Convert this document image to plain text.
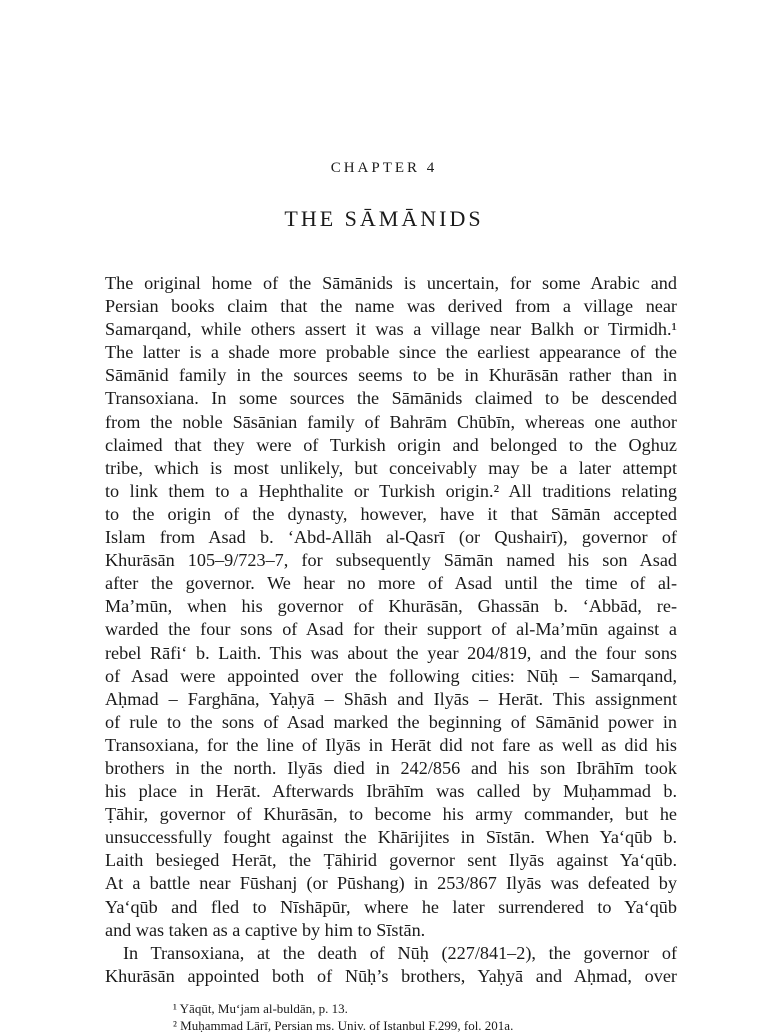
CHAPTER 4
THE SĀMĀNIDS
The original home of the Sāmānids is uncertain, for some Arabic and
Persian books claim that the name was derived from a village near
Samarqand, while others assert it was a village near Balkh or Tirmidh.¹
The latter is a shade more probable since the earliest appearance of the
Sāmānid family in the sources seems to be in Khurāsān rather than in
Transoxiana. In some sources the Sāmānids claimed to be descended
from the noble Sāsānian family of Bahrām Chūbīn, whereas one author
claimed that they were of Turkish origin and belonged to the Oghuz
tribe, which is most unlikely, but conceivably may be a later attempt
to link them to a Hephthalite or Turkish origin.² All traditions relating
to the origin of the dynasty, however, have it that Sāmān accepted
Islam from Asad b. ‘Abd-Allāh al-Qasrī (or Qushairī), governor of
Khurāsān 105–9/723–7, for subsequently Sāmān named his son Asad
after the governor. We hear no more of Asad until the time of al-
Ma’mūn, when his governor of Khurāsān, Ghassān b. ‘Abbād, re-
warded the four sons of Asad for their support of al-Ma’mūn against a
rebel Rāfi‘ b. Laith. This was about the year 204/819, and the four sons
of Asad were appointed over the following cities: Nūḥ – Samarqand,
Aḥmad – Farghāna, Yaḥyā – Shāsh and Ilyās – Herāt. This assignment
of rule to the sons of Asad marked the beginning of Sāmānid power in
Transoxiana, for the line of Ilyās in Herāt did not fare as well as did his
brothers in the north. Ilyās died in 242/856 and his son Ibrāhīm took
his place in Herāt. Afterwards Ibrāhīm was called by Muḥammad b.
Ṭāhir, governor of Khurāsān, to become his army commander, but he
unsuccessfully fought against the Khārijites in Sīstān. When Ya‘qūb b.
Laith besieged Herāt, the Ṭāhirid governor sent Ilyās against Ya‘qūb.
At a battle near Fūshanj (or Pūshang) in 253/867 Ilyās was defeated by
Ya‘qūb and fled to Nīshāpūr, where he later surrendered to Ya‘qūb
and was taken as a captive by him to Sīstān.
In Transoxiana, at the death of Nūḥ (227/841–2), the governor of
Khurāsān appointed both of Nūḥ’s brothers, Yaḥyā and Aḥmad, over
¹ Yāqūt, Mu‘jam al-buldān, p. 13.
² Muḥammad Lārī, Persian ms. Univ. of Istanbul F.299, fol. 201a.
